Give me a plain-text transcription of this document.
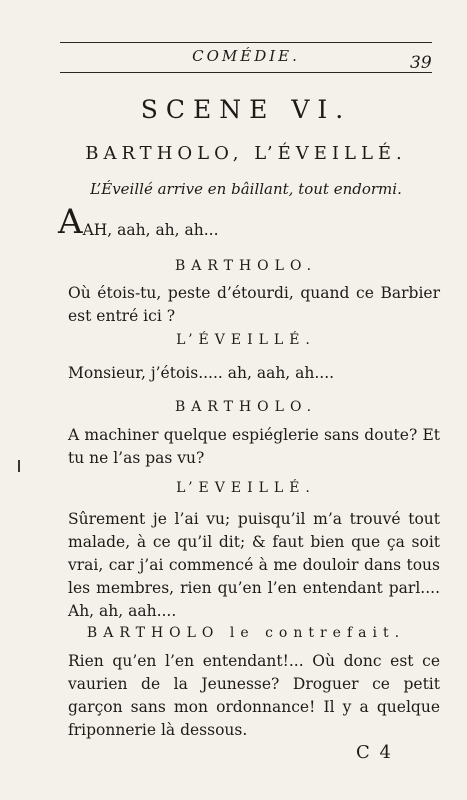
COMÉDIE.	39
SCENE VI.
BARTHOLO, L’ÉVEILLÉ.
L’Éveillé arrive en bâillant, tout endormi.
AAH, aah, ah, ah...
BARTHOLO.
Où étois-tu, peste d’étourdi, quand ce Barbier est entré ici ?
L’ÉVEILLÉ.
Monsieur, j’étois..... ah, aah, ah....
BARTHOLO.
A machiner quelque espiéglerie sans doute? Et tu ne l’as pas vu?
L’EVEILLÉ.
Sûrement je l’ai vu; puisqu’il m’a trouvé tout malade, à ce qu’il dit; & faut bien que ça soit vrai, car j’ai commencé à me douloir dans tous les membres, rien qu’en l’en entendant parl.... Ah, ah, aah....
BARTHOLO le contrefait.
Rien qu’en l’en entendant!... Où donc est ce vaurien de la Jeunesse? Droguer ce petit garçon sans mon ordonnance! Il y a quelque friponnerie là dessous.
C 4
